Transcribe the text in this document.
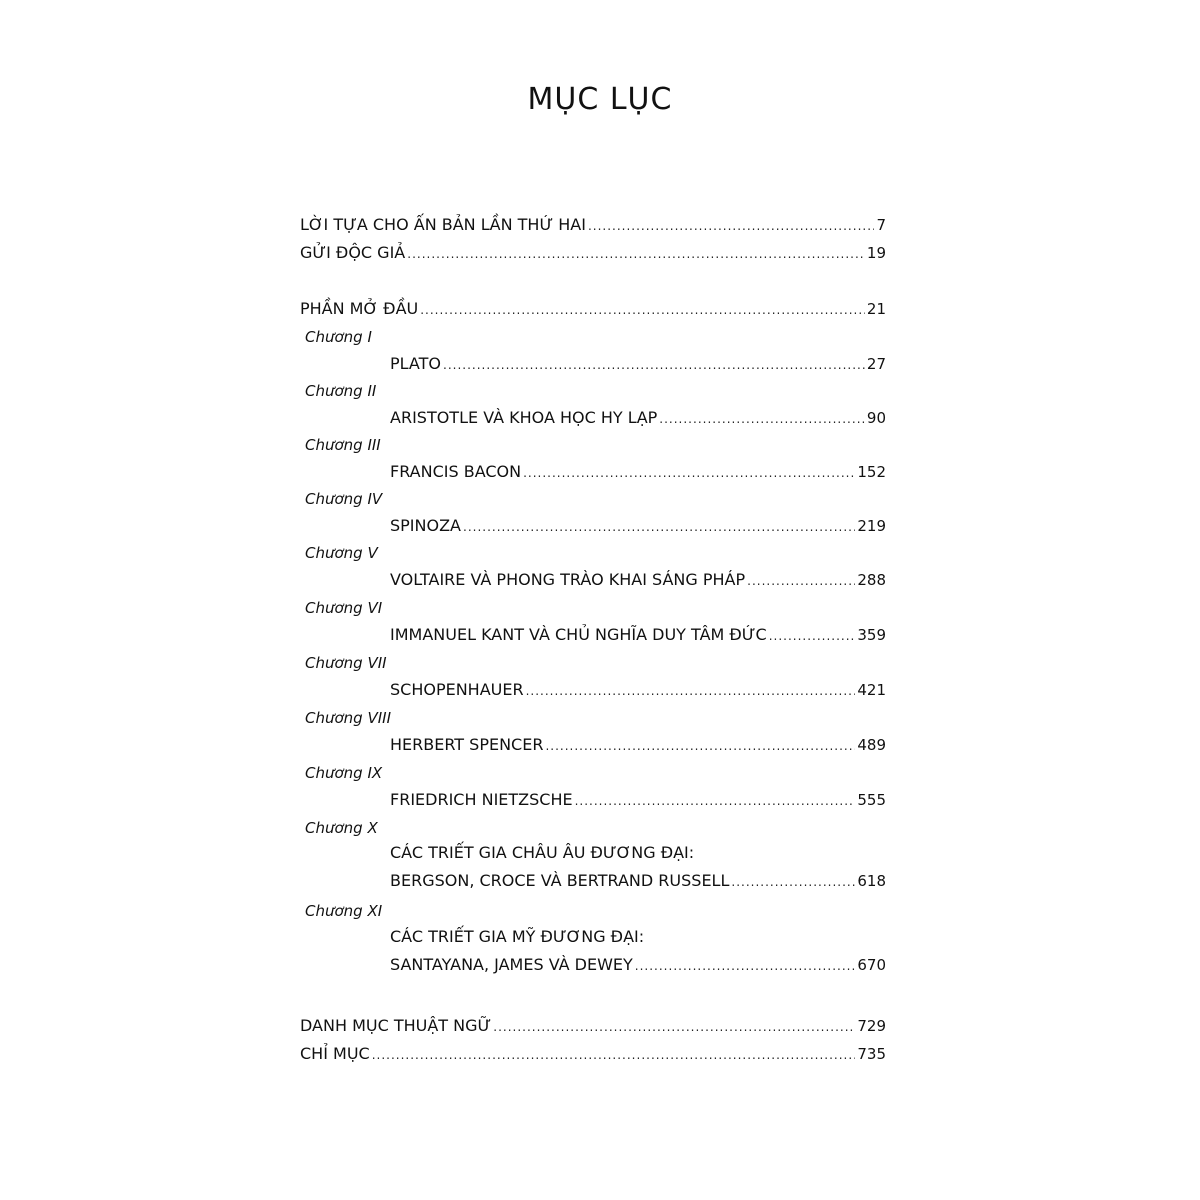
MỤC LỤC
LỜI TỰA CHO ẤN BẢN LẦN THỨ HAI .....	7
GỬI ĐỘC GIẢ .....	19
PHẦN MỞ ĐẦU .....	21
Chương I
PLATO .....	27
Chương II
ARISTOTLE VÀ KHOA HỌC HY LẠP .....	90
Chương III
FRANCIS BACON .....	152
Chương IV
SPINOZA .....	219
Chương V
VOLTAIRE VÀ PHONG TRÀO KHAI SÁNG PHÁP .....	288
Chương VI
IMMANUEL KANT VÀ CHỦ NGHĨA DUY TÂM ĐỨC .....	359
Chương VII
SCHOPENHAUER .....	421
Chương VIII
HERBERT SPENCER .....	489
Chương IX
FRIEDRICH NIETZSCHE .....	555
Chương X
CÁC TRIẾT GIA CHÂU ÂU ĐƯƠNG ĐẠI:
BERGSON, CROCE VÀ BERTRAND RUSSELL .....	618
Chương XI
CÁC TRIẾT GIA MỸ ĐƯƠNG ĐẠI:
SANTAYANA, JAMES VÀ DEWEY .....	670
DANH MỤC THUẬT NGỮ .....	729
CHỈ MỤC .....	735
